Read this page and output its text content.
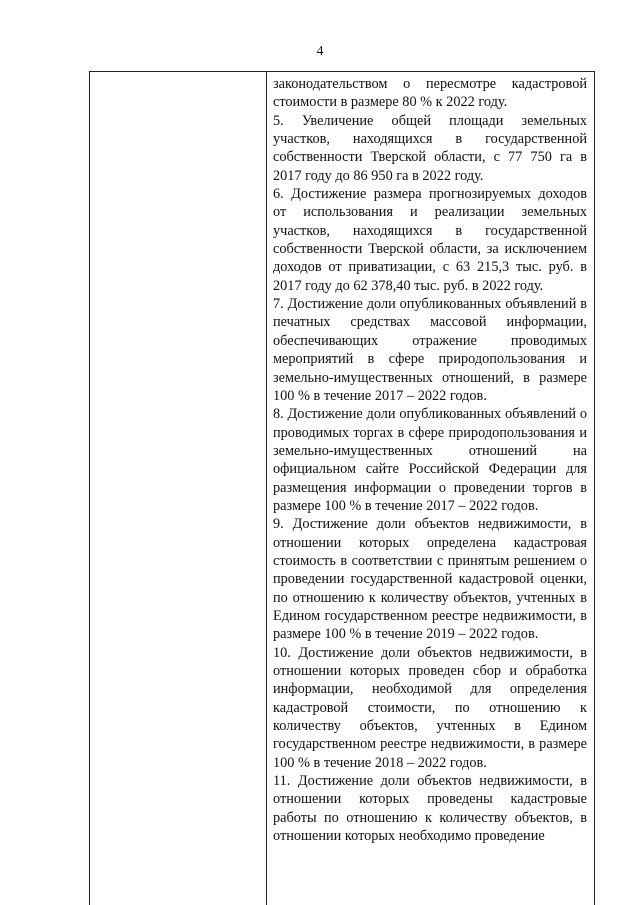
4

законодательством о пересмотре кадастровой стоимости в размере 80 % к 2022 году.

5. Увеличение общей площади земельных участков, находящихся в государственной собственности Тверской области, с 77 750 га в 2017 году до 86 950 га в 2022 году.

6. Достижение размера прогнозируемых доходов от использования и реализации земельных участков, находящихся в государственной собственности Тверской области, за исключением доходов от приватизации, с 63 215,3 тыс. руб. в 2017 году до 62 378,40 тыс. руб. в 2022 году.

7. Достижение доли опубликованных объявлений в печатных средствах массовой информации, обеспечивающих отражение проводимых мероприятий в сфере природопользования и земельно-имущественных отношений, в размере 100 % в течение 2017 – 2022 годов.

8. Достижение доли опубликованных объявлений о проводимых торгах в сфере природопользования и земельно-имущественных отношений на официальном сайте Российской Федерации для размещения информации о проведении торгов в размере 100 % в течение 2017 – 2022 годов.

9. Достижение доли объектов недвижимости, в отношении которых определена кадастровая стоимость в соответствии с принятым решением о проведении государственной кадастровой оценки, по отношению к количеству объектов, учтенных в Едином государственном реестре недвижимости, в размере 100 % в течение 2019 – 2022 годов.

10. Достижение доли объектов недвижимости, в отношении которых проведен сбор и обработка информации, необходимой для определения кадастровой стоимости, по отношению к количеству объектов, учтенных в Едином государственном реестре недвижимости, в размере 100 % в течение 2018 – 2022 годов.

11. Достижение доли объектов недвижимости, в отношении которых проведены кадастровые работы по отношению к количеству объектов, в отношении которых необходимо проведение
